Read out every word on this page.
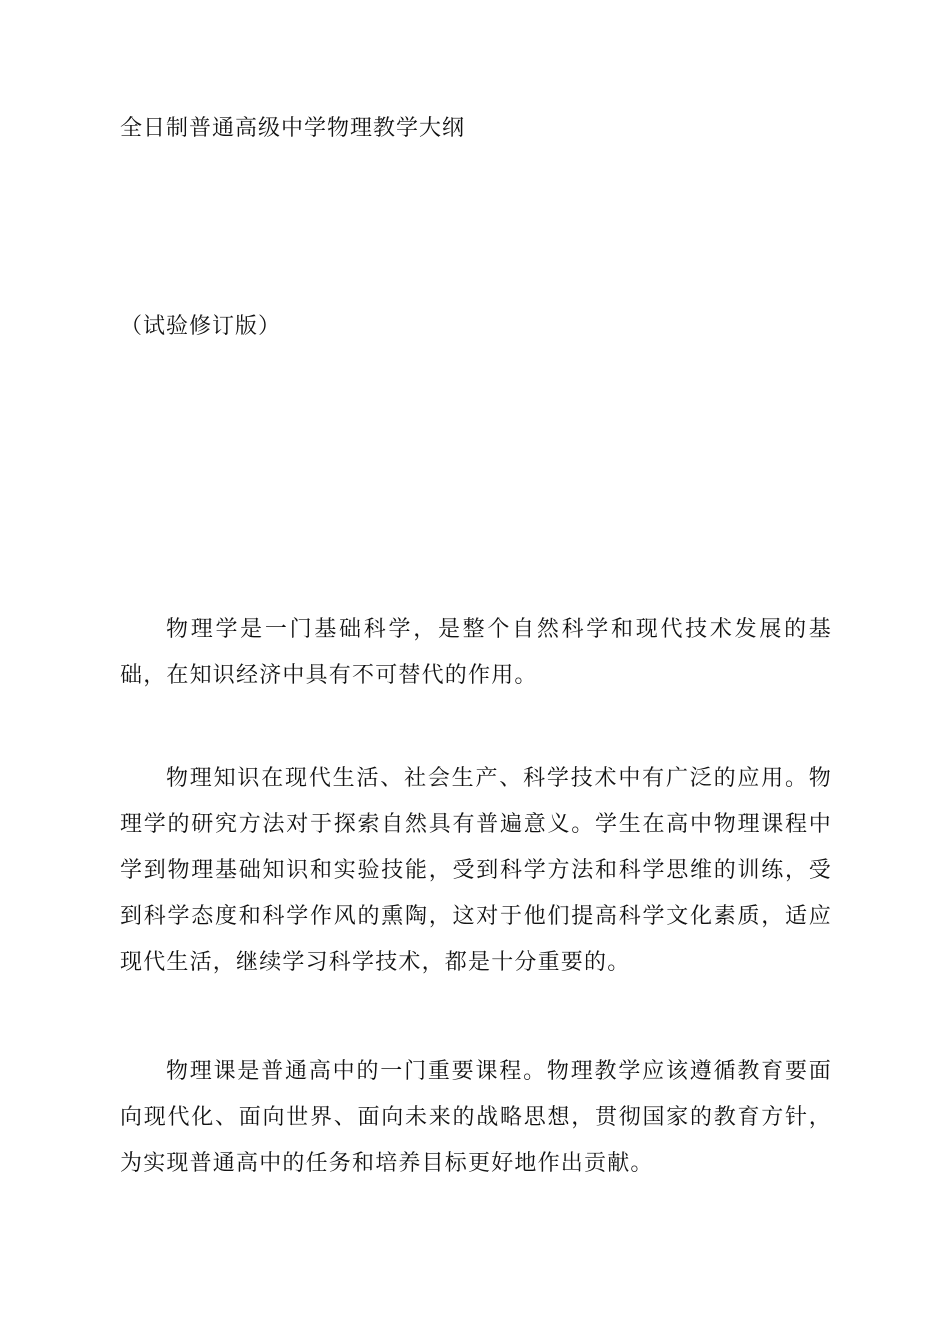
全日制普通高级中学物理教学大纲
（试验修订版）

物理学是一门基础科学，是整个自然科学和现代技术发展的基础，在知识经济中具有不可替代的作用。

物理知识在现代生活、社会生产、科学技术中有广泛的应用。物理学的研究方法对于探索自然具有普遍意义。学生在高中物理课程中学到物理基础知识和实验技能，受到科学方法和科学思维的训练，受到科学态度和科学作风的熏陶，这对于他们提高科学文化素质，适应现代生活，继续学习科学技术，都是十分重要的。

物理课是普通高中的一门重要课程。物理教学应该遵循教育要面向现代化、面向世界、面向未来的战略思想，贯彻国家的教育方针，为实现普通高中的任务和培养目标更好地作出贡献。
